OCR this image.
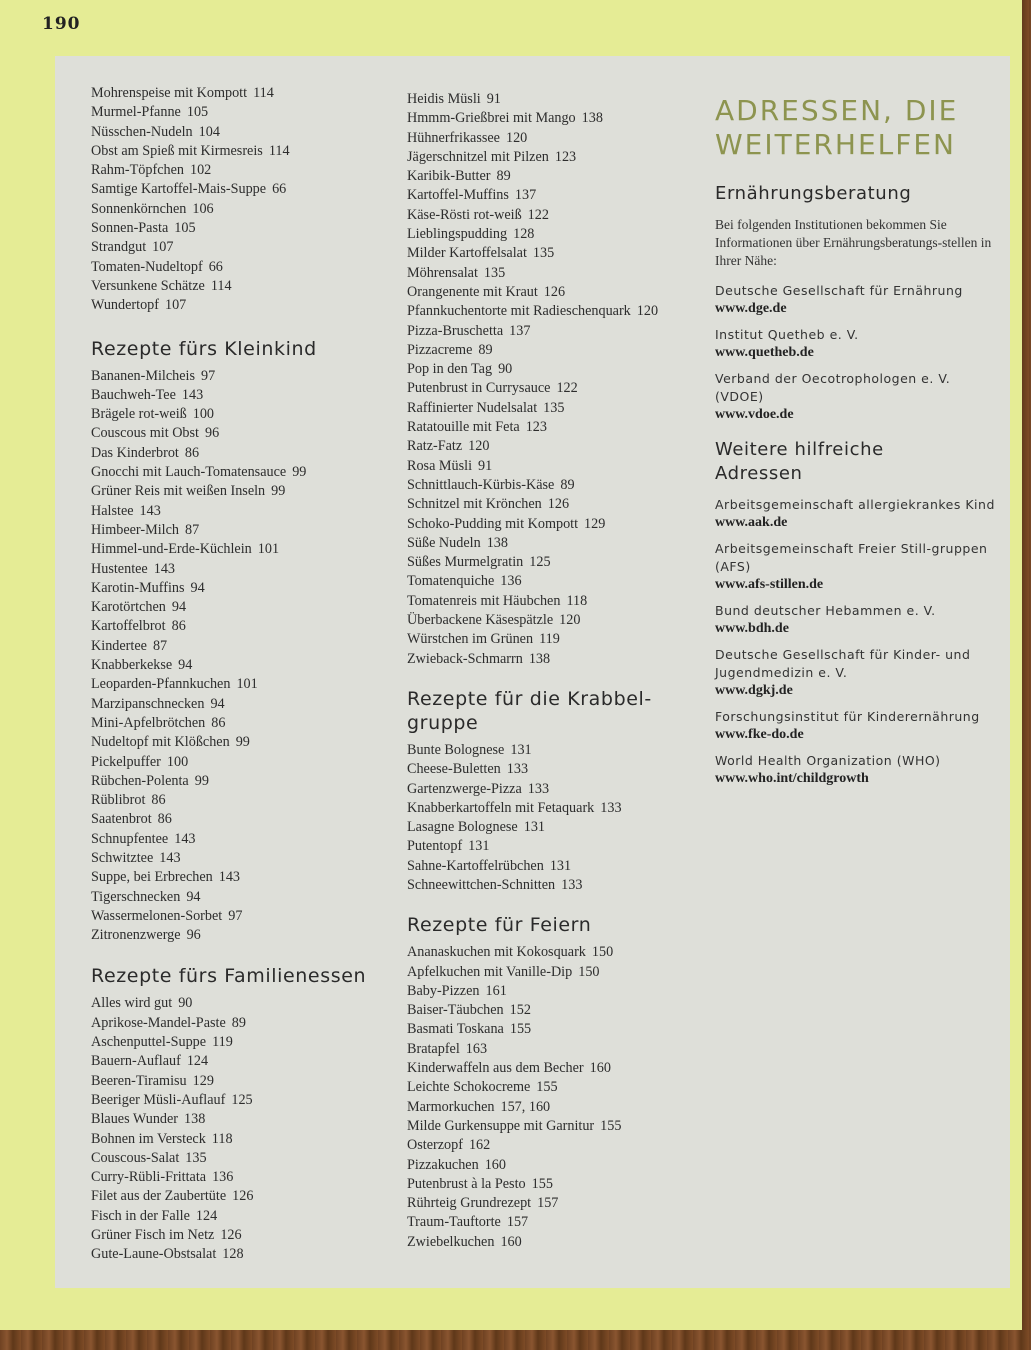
190
Mohrenspeise mit Kompott 114
Murmel-Pfanne 105
Nüsschen-Nudeln 104
Obst am Spieß mit Kirmesreis 114
Rahm-Töpfchen 102
Samtige Kartoffel-Mais-Suppe 66
Sonnenkörnchen 106
Sonnen-Pasta 105
Strandgut 107
Tomaten-Nudeltopf 66
Versunkene Schätze 114
Wundertopf 107
Rezepte fürs Kleinkind
Bananen-Milcheis 97
Bauchweh-Tee 143
Brägele rot-weiß 100
Couscous mit Obst 96
Das Kinderbrot 86
Gnocchi mit Lauch-Tomatensauce 99
Grüner Reis mit weißen Inseln 99
Halstee 143
Himbeer-Milch 87
Himmel-und-Erde-Küchlein 101
Hustentee 143
Karotin-Muffins 94
Karotörtchen 94
Kartoffelbrot 86
Kindertee 87
Knabberkekse 94
Leoparden-Pfannkuchen 101
Marzipanschnecken 94
Mini-Apfelbrötchen 86
Nudeltopf mit Klößchen 99
Pickelpuffer 100
Rübchen-Polenta 99
Rüblibrot 86
Saatenbrot 86
Schnupfentee 143
Schwitztee 143
Suppe, bei Erbrechen 143
Tigerschnecken 94
Wassermelonen-Sorbet 97
Zitronenzwerge 96
Rezepte fürs Familienessen
Alles wird gut 90
Aprikose-Mandel-Paste 89
Aschenputtel-Suppe 119
Bauern-Auflauf 124
Beeren-Tiramisu 129
Beeriger Müsli-Auflauf 125
Blaues Wunder 138
Bohnen im Versteck 118
Couscous-Salat 135
Curry-Rübli-Frittata 136
Filet aus der Zaubertüte 126
Fisch in der Falle 124
Grüner Fisch im Netz 126
Gute-Laune-Obstsalat 128
Heidis Müsli 91
Hmmm-Grießbrei mit Mango 138
Hühnerfrikassee 120
Jägerschnitzel mit Pilzen 123
Karibik-Butter 89
Kartoffel-Muffins 137
Käse-Rösti rot-weiß 122
Lieblingspudding 128
Milder Kartoffelsalat 135
Möhrensalat 135
Orangenente mit Kraut 126
Pfannkuchentorte mit Radieschenquark 120
Pizza-Bruschetta 137
Pizzacreme 89
Pop in den Tag 90
Putenbrust in Currysauce 122
Raffinierter Nudelsalat 135
Ratatouille mit Feta 123
Ratz-Fatz 120
Rosa Müsli 91
Schnittlauch-Kürbis-Käse 89
Schnitzel mit Krönchen 126
Schoko-Pudding mit Kompott 129
Süße Nudeln 138
Süßes Murmelgratin 125
Tomatenquiche 136
Tomatenreis mit Häubchen 118
Überbackene Käsespätzle 120
Würstchen im Grünen 119
Zwieback-Schmarrn 138
Rezepte für die Krabbel-
gruppe
Bunte Bolognese 131
Cheese-Buletten 133
Gartenzwerge-Pizza 133
Knabberkartoffeln mit Fetaquark 133
Lasagne Bolognese 131
Putentopf 131
Sahne-Kartoffelrübchen 131
Schneewittchen-Schnitten 133
Rezepte für Feiern
Ananaskuchen mit Kokosquark 150
Apfelkuchen mit Vanille-Dip 150
Baby-Pizzen 161
Baiser-Täubchen 152
Basmati Toskana 155
Bratapfel 163
Kinderwaffeln aus dem Becher 160
Leichte Schokocreme 155
Marmorkuchen 157, 160
Milde Gurkensuppe mit Garnitur 155
Osterzopf 162
Pizzakuchen 160
Putenbrust à la Pesto 155
Rührteig Grundrezept 157
Traum-Tauftorte 157
Zwiebelkuchen 160
ADRESSEN, DIE
WEITERHELFEN
Ernährungsberatung
Bei folgenden Institutionen bekommen Sie Informationen über Ernährungsberatungs-stellen in Ihrer Nähe:
Deutsche Gesellschaft für Ernährung
www.dge.de
Institut Quetheb e. V.
www.quetheb.de
Verband der Oecotrophologen e. V. (VDOE)
www.vdoe.de
Weitere hilfreiche
Adressen
Arbeitsgemeinschaft allergiekrankes Kind
www.aak.de
Arbeitsgemeinschaft Freier Still-gruppen (AFS)
www.afs-stillen.de
Bund deutscher Hebammen e. V.
www.bdh.de
Deutsche Gesellschaft für Kinder- und Jugendmedizin e. V.
www.dgkj.de
Forschungsinstitut für Kinderernährung
www.fke-do.de
World Health Organization (WHO)
www.who.int/childgrowth
